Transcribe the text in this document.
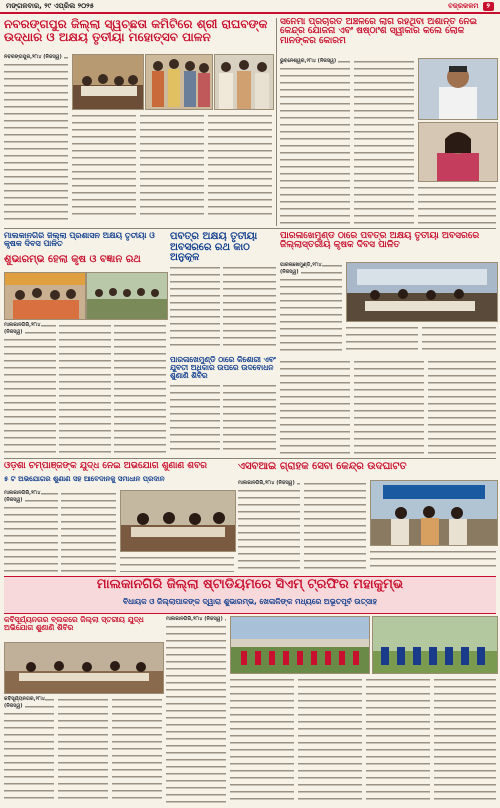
ମଙ୍ଗଳବାର, ୨୯ ଏପ୍ରିଲ ୨୦୨୫	ବଜ୍ରକଳମ	୨
ନବରଙ୍ଗପୁର ଜିଲ୍ଲା ସ୍ୱଚ୍ଛତା କମିଟିରେ ଶ୍ରୀ ରାଘବଙ୍କ ଉଦ୍ଧାର ଓ ଅକ୍ଷୟ ତୃତୀୟା ମହୋତ୍ସବ ପାଳନ
ନବରଙ୍ଗପୁର,୨୮ା୪ (ନିଜସ୍ୱ)
ସିନେମା ପ୍ରଚାରିତ ଅଞ୍ଚଳରେ ଲାଗି ରହିଥିବା ଅଶାନ୍ତି ନେଇ କେନ୍ଦ୍ର ଯୋଜନା ଏବଂ ଷଷ୍ଠାଂଶ ସ୍ୱୀକାର କଲେ ଲୋକ ମାନଙ୍କର କୋରମ
ଭୁବନେଶ୍ୱର,୨୮ା୪ (ନିଜସ୍ୱ)
ମାଲକାନଗିରି ଜିଲ୍ଲା ପ୍ରଶାସନ ଅକ୍ଷୟ ତୃତୀୟା ଓ କୃଷକ ଦିବସ ପାଳିତ
ଶୁଭାରମ୍ଭ ହେଲା କୃଷି ଓ ବିଜ୍ଞାନ ରଥ
ମାଲକାନଗିରି,୨୮ା୪ (ନିଜସ୍ୱ)
ପବିତ୍ର ଅକ୍ଷୟ ତୃତୀୟା ଅବସରରେ ରଥ କାଠ ଅନୁକୂଳ
ପାରଳାଖେମୁଣ୍ଡି ଠାରେ ପବିତ୍ର ଅକ୍ଷୟ ତୃତୀୟା ଅବସରରେ ଜିଲ୍ଲାସ୍ତରୀୟ କୃଷକ ଦିବସ ପାଳିତ
ପାରଳାଖେମୁଣ୍ଡି,୨୮ା୪ (ନିଜସ୍ୱ)
ପାରଳାଖେମୁଣ୍ଡି ଠାରେ କିଶୋରୀ ଏବଂ ଯୁବତୀ ଅଧିକାର ଉପରେ ଉଦବୋଧନ ଶୁଣାଣି ଶିବିର
ଓଡ଼ିଶା ଚିମ୍ପାଞ୍ଜିଙ୍କ ଯୁଦ୍ଧ ନେଇ ଅଭିଯୋଗ ଶୁଣାଣି ଶିବିର
୫ ଟି ଅଭିଯୋଗର ଶୁଣାଣି ସହ ଆବେଦାନକୁ ସମାଧାନ ପ୍ରଦାନ
ମାଲକାନଗିରି,୨୮ା୪ (ନିଜସ୍ୱ)
ଏସବିଆଇ ଗ୍ରାହକ ସେବା କେନ୍ଦ୍ର ଉଦଘାଟିତ
ମାଲକାନଗିରି,୨୮ା୪ (ନିଜସ୍ୱ)
ମାଲକାନଗିରି ଜିଲ୍ଲା ଷ୍ଟାଡିୟମରେ ସିଏମ୍ ଟ୍ରଫିର ମହାକୁମ୍ଭ
ବିଧାୟକ ଓ ଜିଲ୍ଲାପାଳଙ୍କ ଦ୍ୱାରା ଶୁଭାରମ୍ଭ, ଖେଳାଳିଙ୍କ ମଧ୍ୟରେ ଅଭୂତପୂର୍ବ ଉତ୍ସାହ
କବିସୂର୍ଯ୍ୟନଗର ବ୍ଲକରେ ଜିଲ୍ଲା ସ୍ତରୀୟ ଯୁଦ୍ଧ ଅଭିଯୋଗ ଶୁଣାଣି ଶିବିର
କବିସୂର୍ଯ୍ୟନଗର,୨୮ା୪ (ନିଜସ୍ୱ)
ମାଲକାନଗିରି,୨୮ା୪ (ନିଜସ୍ୱ)
